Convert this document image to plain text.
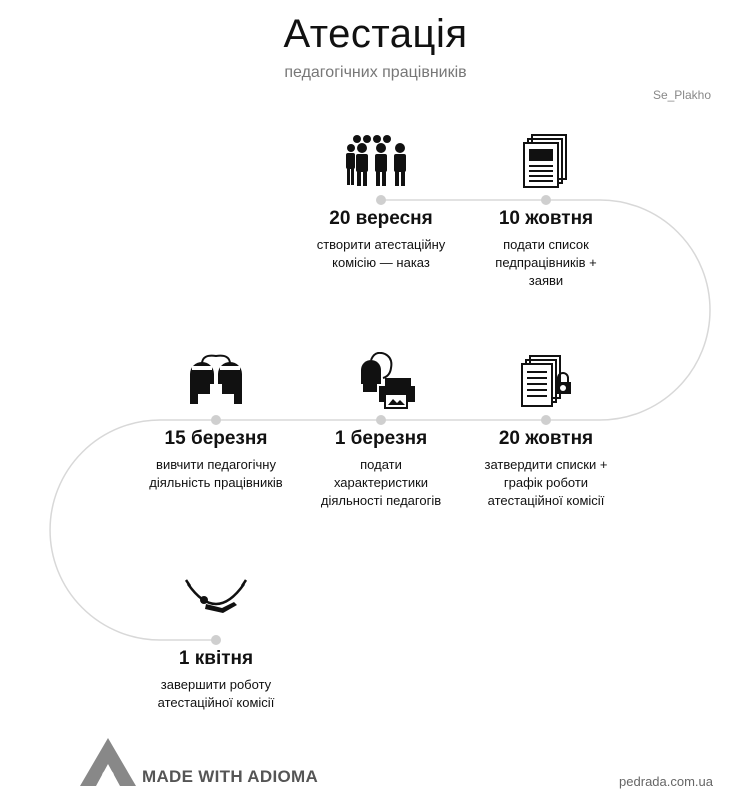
Атестація
педагогічних працівників
Se_Plakho
20 вересня
створити атестаційну комісію — наказ
10 жовтня
подати список педпрацівників + заяви
20 жовтня
затвердити списки + графік роботи атестаційної комісії
1 березня
подати характеристики діяльності педагогів
15 березня
вивчити педагогічну діяльність працівників
1 квітня
завершити роботу атестаційної комісії
MADE WITH ADIOMA	pedrada.com.ua
